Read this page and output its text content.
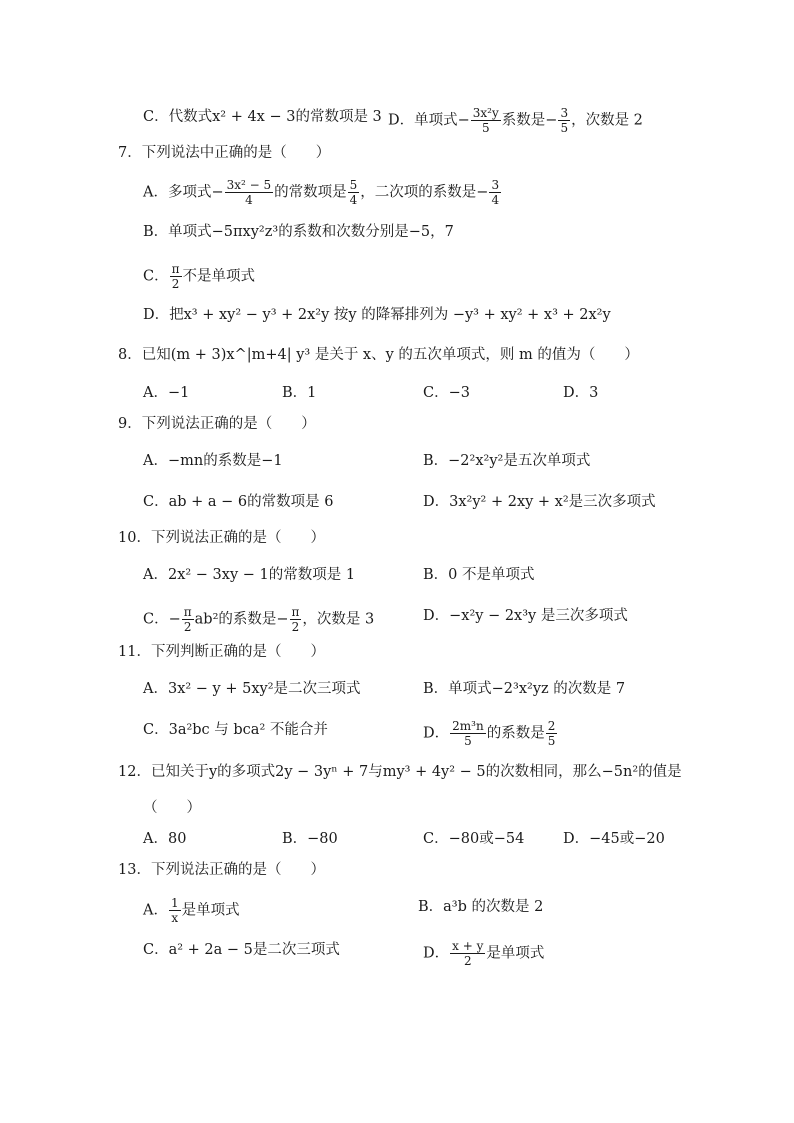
C．代数式x² + 4x − 3的常数项是 3 D．单项式− $\frac{\text{3x²y}}{5}$ 系数是− $\frac{3}{5}$ ，次数是 2
7．下列说法中正确的是（　　）
A．多项式− $\frac{\text{3x² − 5}}{4}$ 的常数项是 $\frac{5}{4}$ ，二次项的系数是− $\frac{3}{4}$
B．单项式−5πxy²z³的系数和次数分别是−5，7
C． $\frac{\pi}{2}$ 不是单项式
D．把x³ + xy² − y³ + 2x²y 按y 的降幂排列为 −y³ + xy² + x³ + 2x²y
8．已知(m + 3)x^|m+4| y³ 是关于 x、y 的五次单项式，则 m 的值为（　　）
A．−1	B．1	C．−3	D．3
9．下列说法正确的是（　　）
A．−mn的系数是−1	B．−2²x²y²是五次单项式
C．ab + a − 6的常数项是 6	D．3x²y² + 2xy + x²是三次多项式
10．下列说法正确的是（　　）
A．2x² − 3xy − 1的常数项是 1	B．0 不是单项式
C．− $\frac{\pi}{2} ab^2$的系数是− $\frac{\pi}{2}$ ，次数是 3	D．−x²y − 2x³y 是三次多项式
11．下列判断正确的是（　　）
A．3x² − y + 5xy²是二次三项式	B．单项式−2³x²yz 的次数是 7
C．3a²bc 与 bca² 不能合并	D． $\frac{\text{2m³n}}{5}$ 的系数是 $\frac{2}{5}$
12．已知关于y的多项式2y − 3yⁿ + 7与my³ + 4y² − 5的次数相同，那么−5n²的值是
（　　）
A．80	B．−80	C．−80或−54	D．−45或−20
13．下列说法正确的是（　　）
A． $\frac{1}{x}$ 是单项式	B．a³b 的次数是 2
C．a² + 2a − 5是二次三项式	D． $\frac{x + y}{2}$ 是单项式
